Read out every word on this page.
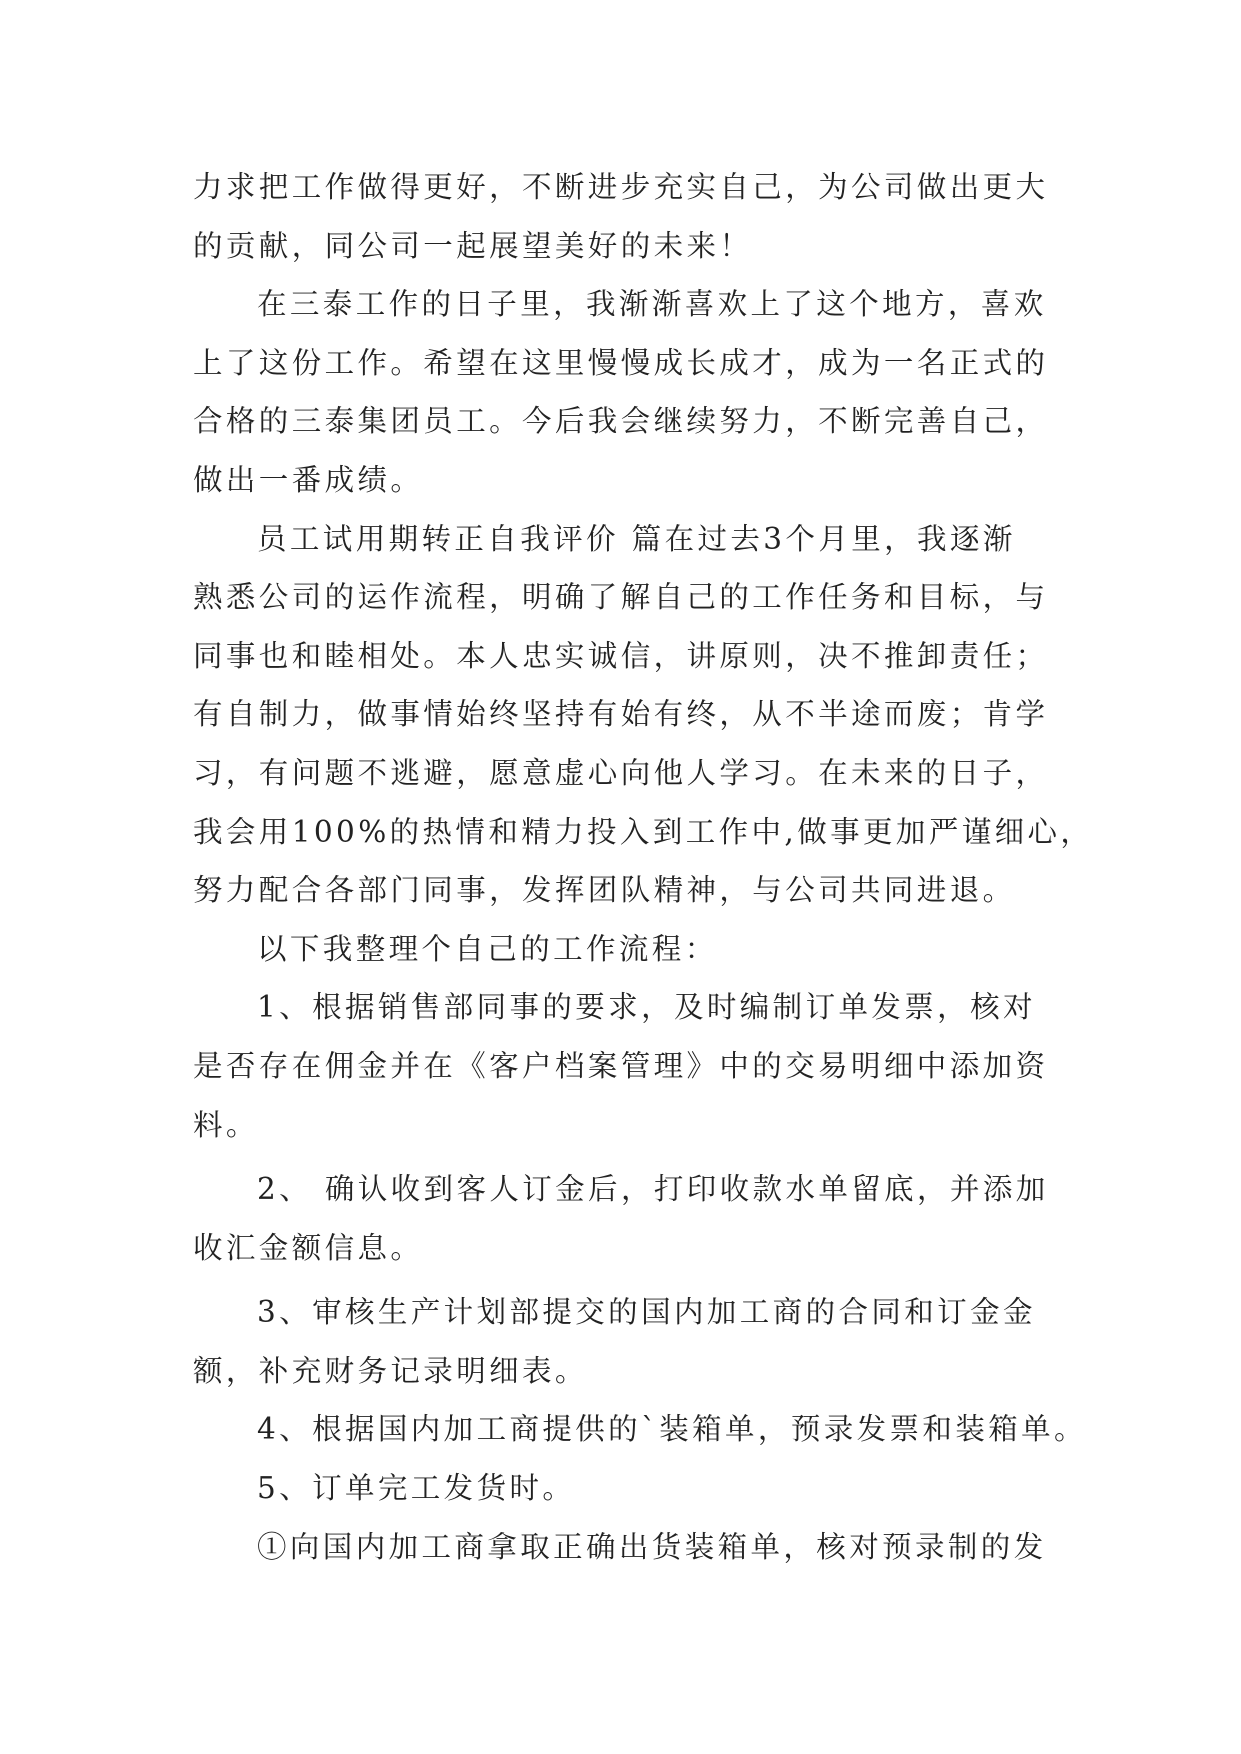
力求把工作做得更好，不断进步充实自己，为公司做出更大
的贡献，同公司一起展望美好的未来！
在三泰工作的日子里，我渐渐喜欢上了这个地方，喜欢
上了这份工作。希望在这里慢慢成长成才，成为一名正式的
合格的三泰集团员工。今后我会继续努力，不断完善自己，
做出一番成绩。
员工试用期转正自我评价 篇在过去3个月里，我逐渐
熟悉公司的运作流程，明确了解自己的工作任务和目标，与
同事也和睦相处。本人忠实诚信，讲原则，决不推卸责任；
有自制力，做事情始终坚持有始有终，从不半途而废；肯学
习，有问题不逃避，愿意虚心向他人学习。在未来的日子，
我会用100%的热情和精力投入到工作中,做事更加严谨细心，
努力配合各部门同事，发挥团队精神，与公司共同进退。
以下我整理个自己的工作流程：
1、根据销售部同事的要求，及时编制订单发票，核对
是否存在佣金并在《客户档案管理》中的交易明细中添加资
料。
2、 确认收到客人订金后，打印收款水单留底，并添加
收汇金额信息。
3、审核生产计划部提交的国内加工商的合同和订金金
额，补充财务记录明细表。
4、根据国内加工商提供的`装箱单，预录发票和装箱单。
5、订单完工发货时。
①向国内加工商拿取正确出货装箱单，核对预录制的发
